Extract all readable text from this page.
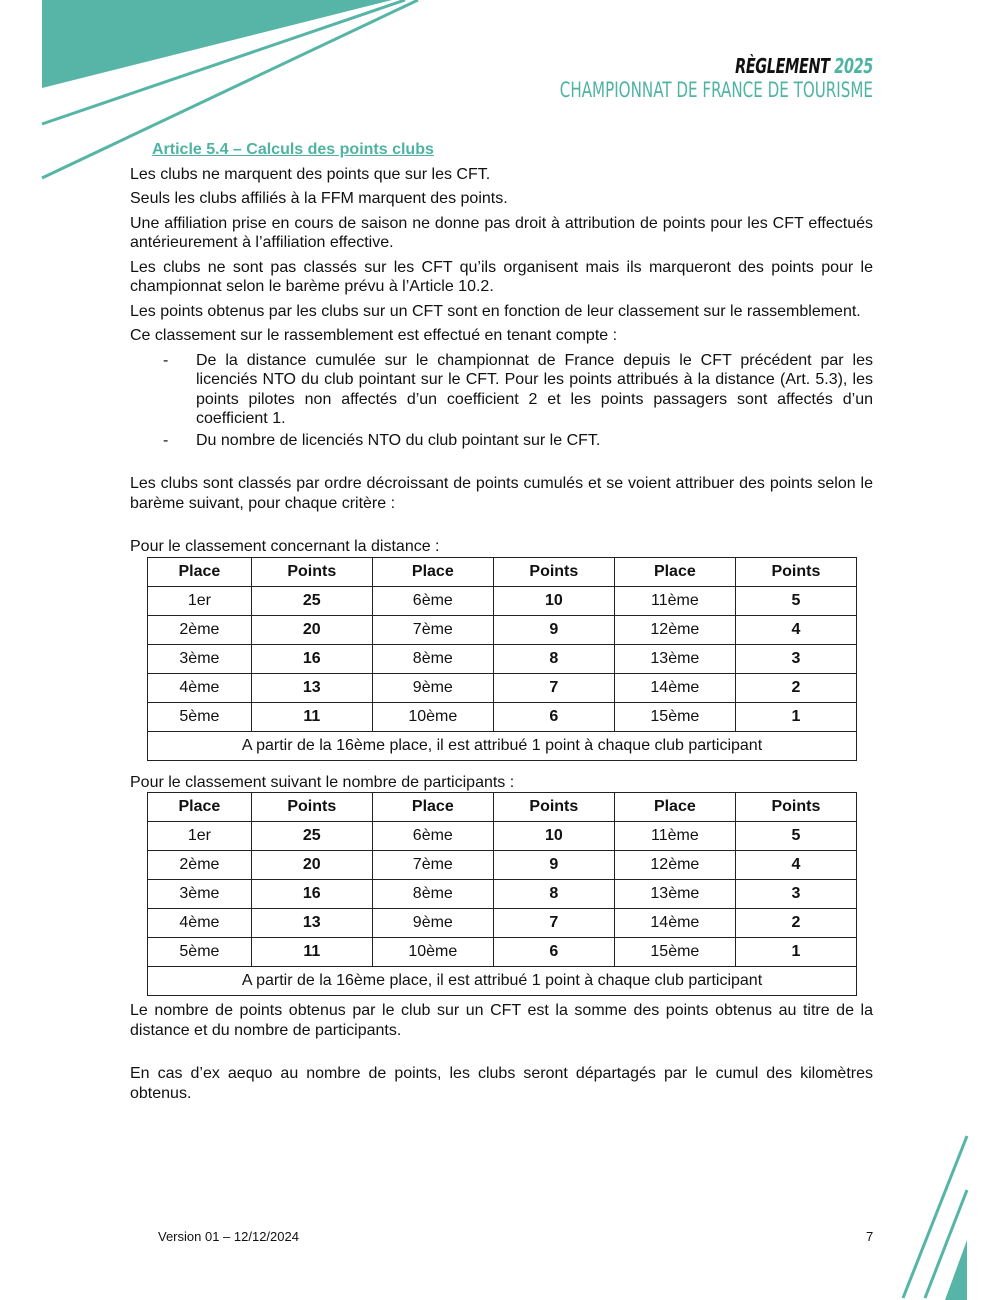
RÈGLEMENT 2025
CHAMPIONNAT DE FRANCE DE TOURISME
Article 5.4 – Calculs des points clubs

Les clubs ne marquent des points que sur les CFT.

Seuls les clubs affiliés à la FFM marquent des points.

Une affiliation prise en cours de saison ne donne pas droit à attribution de points pour les CFT effectués antérieurement à l’affiliation effective.

Les clubs ne sont pas classés sur les CFT qu’ils organisent mais ils marqueront des points pour le championnat selon le barème prévu à l’Article 10.2.

Les points obtenus par les clubs sur un CFT sont en fonction de leur classement sur le rassemblement.

Ce classement sur le rassemblement est effectué en tenant compte :

- De la distance cumulée sur le championnat de France depuis le CFT précédent par les licenciés NTO du club pointant sur le CFT. Pour les points attribués à la distance (Art. 5.3), les points pilotes non affectés d’un coefficient 2 et les points passagers sont affectés d’un coefficient 1.
- Du nombre de licenciés NTO du club pointant sur le CFT.

Les clubs sont classés par ordre décroissant de points cumulés et se voient attribuer des points selon le barème suivant, pour chaque critère :

Pour le classement concernant la distance :

Place	Points	Place	Points	Place	Points
1er	25	6ème	10	11ème	5
2ème	20	7ème	9	12ème	4
3ème	16	8ème	8	13ème	3
4ème	13	9ème	7	14ème	2
5ème	11	10ème	6	15ème	1
A partir de la 16ème place, il est attribué 1 point à chaque club participant					

Pour le classement suivant le nombre de participants :

Place	Points	Place	Points	Place	Points
1er	25	6ème	10	11ème	5
2ème	20	7ème	9	12ème	4
3ème	16	8ème	8	13ème	3
4ème	13	9ème	7	14ème	2
5ème	11	10ème	6	15ème	1
A partir de la 16ème place, il est attribué 1 point à chaque club participant					

Le nombre de points obtenus par le club sur un CFT est la somme des points obtenus au titre de la distance et du nombre de participants.

En cas d’ex aequo au nombre de points, les clubs seront départagés par le cumul des kilomètres obtenus.

Version 01 – 12/12/2024	7
